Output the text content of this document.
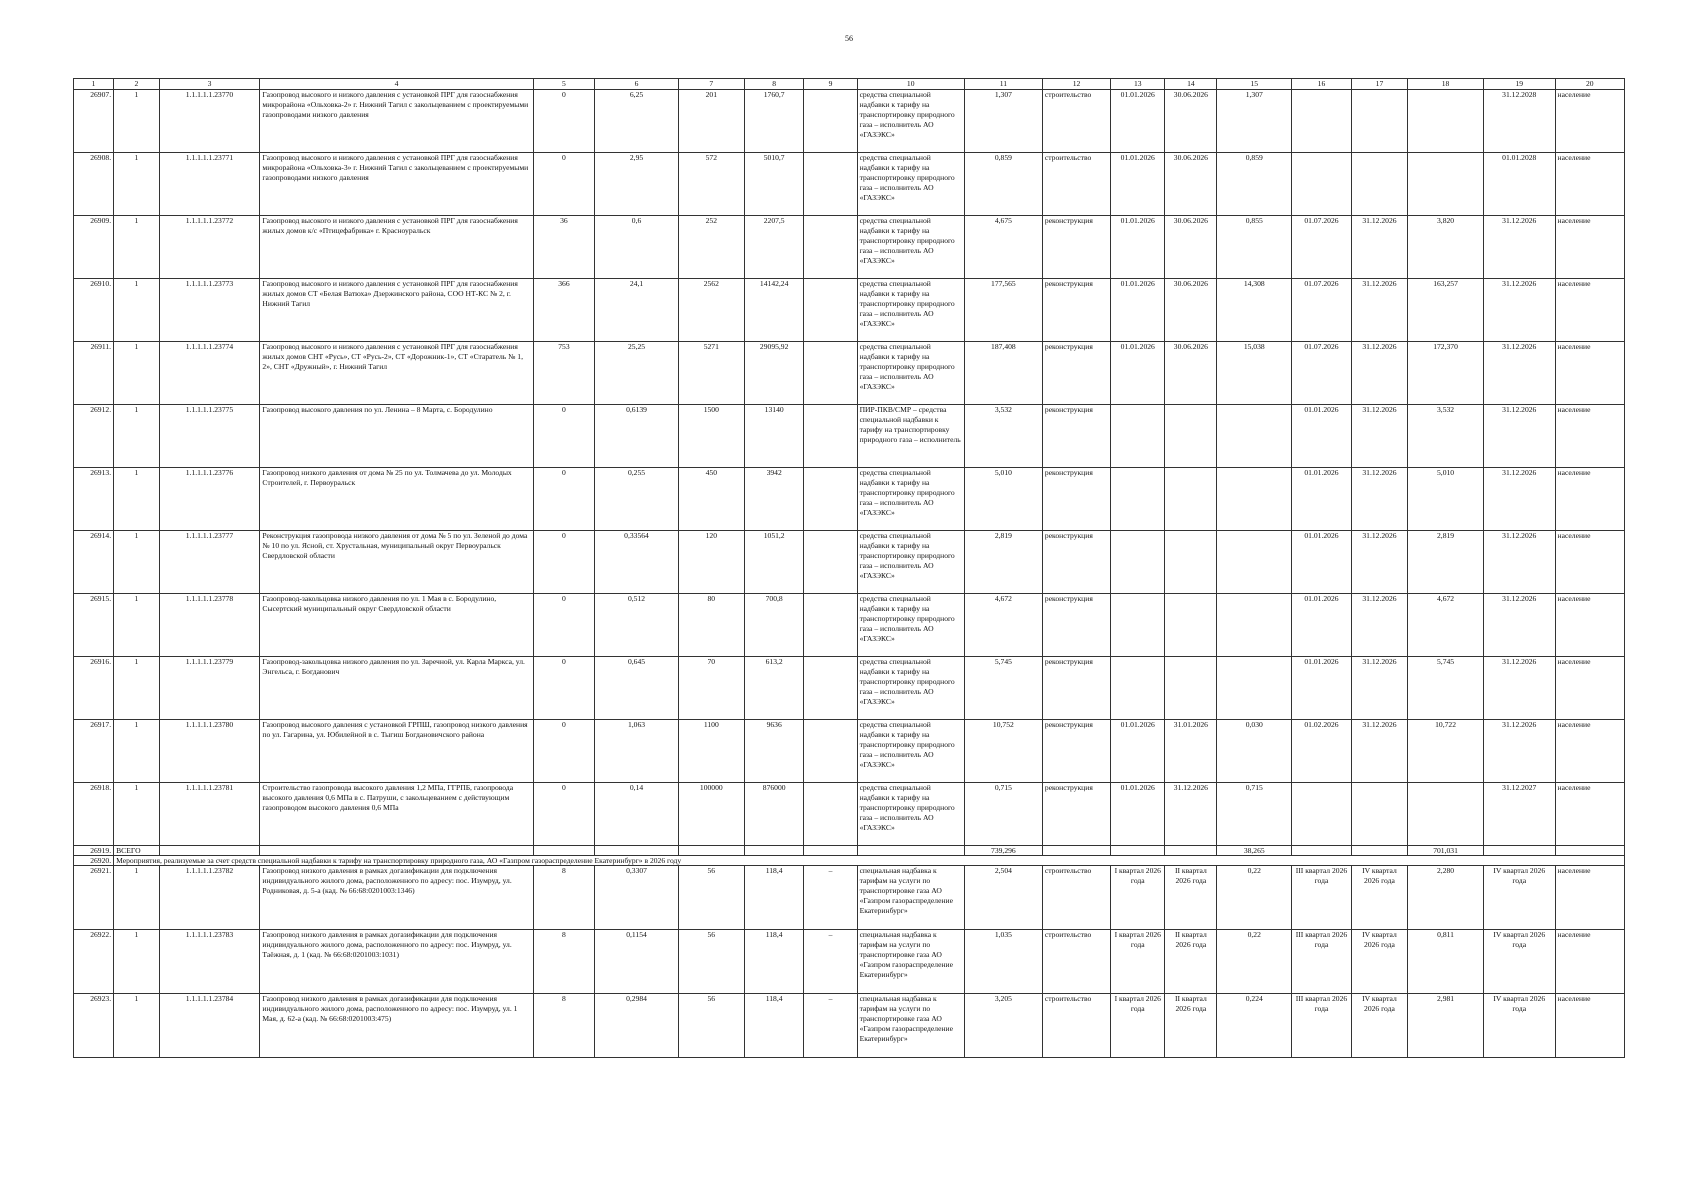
56
1	2	3	4	5	6	7	8	9	10	11	12	13	14	15	16	17	18	19	20
26907.	1	1.1.1.1.1.23770	Газопровод высокого и низкого давления с установкой ПРГ для газоснабжения микрорайона «Ольховка-2» г. Нижний Тагил с закольцеванием с проектируемыми газопроводами низкого давления	0	6,25	201	1760,7		средства специальной надбавки к тарифу на транспортировку природного газа – исполнитель АО «ГАЗЭКС»	1,307	строительство	01.01.2026	30.06.2026	1,307				31.12.2028	население
26908.	1	1.1.1.1.1.23771	Газопровод высокого и низкого давления с установкой ПРГ для газоснабжения микрорайона «Ольховка-3» г. Нижний Тагил с закольцеванием с проектируемыми газопроводами низкого давления	0	2,95	572	5010,7		средства специальной надбавки к тарифу на транспортировку природного газа – исполнитель АО «ГАЗЭКС»	0,859	строительство	01.01.2026	30.06.2026	0,859				01.01.2028	население
26909.	1	1.1.1.1.1.23772	Газопровод высокого и низкого давления с установкой ПРГ для газоснабжения жилых домов к/с «Птицефабрика» г. Красноуральск	36	0,6	252	2207,5		средства специальной надбавки к тарифу на транспортировку природного газа – исполнитель АО «ГАЗЭКС»	4,675	реконструкция	01.01.2026	30.06.2026	0,855	01.07.2026	31.12.2026	3,820	31.12.2026	население
26910.	1	1.1.1.1.1.23773	Газопровод высокого и низкого давления с установкой ПРГ для газоснабжения жилых домов СТ «Белая Ватюха» Дзержинского района, СОО НТ-КС № 2, г. Нижний Тагил	366	24,1	2562	14142,24		средства специальной надбавки к тарифу на транспортировку природного газа – исполнитель АО «ГАЗЭКС»	177,565	реконструкция	01.01.2026	30.06.2026	14,308	01.07.2026	31.12.2026	163,257	31.12.2026	население
26911.	1	1.1.1.1.1.23774	Газопровод высокого и низкого давления с установкой ПРГ для газоснабжения жилых домов СНТ «Русь», СТ «Русь-2», СТ «Дорожник-1», СТ «Старатель № 1, 2», СНТ «Дружный», г. Нижний Тагил	753	25,25	5271	29095,92		средства специальной надбавки к тарифу на транспортировку природного газа – исполнитель АО «ГАЗЭКС»	187,408	реконструкция	01.01.2026	30.06.2026	15,038	01.07.2026	31.12.2026	172,370	31.12.2026	население
26912.	1	1.1.1.1.1.23775	Газопровод высокого давления по ул. Ленина – 8 Марта, с. Бородулино	0	0,6139	1500	13140		ПИР-ПКВ/СМР – средства специальной надбавки к тарифу на транспортировку природного газа – исполнитель	3,532	реконструкция				01.01.2026	31.12.2026	3,532	31.12.2026	население
26913.	1	1.1.1.1.1.23776	Газопровод низкого давления от дома № 25 по ул. Толмачева до ул. Молодых Строителей, г. Первоуральск	0	0,255	450	3942		средства специальной надбавки к тарифу на транспортировку природного газа – исполнитель АО «ГАЗЭКС»	5,010	реконструкция				01.01.2026	31.12.2026	5,010	31.12.2026	население
26914.	1	1.1.1.1.1.23777	Реконструкция газопровода низкого давления от дома № 5 по ул. Зеленой до дома № 10 по ул. Ясной, ст. Хрустальная, муниципальный округ Первоуральск Свердловской области	0	0,33564	120	1051,2		средства специальной надбавки к тарифу на транспортировку природного газа – исполнитель АО «ГАЗЭКС»	2,819	реконструкция				01.01.2026	31.12.2026	2,819	31.12.2026	население
26915.	1	1.1.1.1.1.23778	Газопровод-закольцовка низкого давления по ул. 1 Мая в с. Бородулино, Сысертский муниципальный округ Свердловской области	0	0,512	80	700,8		средства специальной надбавки к тарифу на транспортировку природного газа – исполнитель АО «ГАЗЭКС»	4,672	реконструкция				01.01.2026	31.12.2026	4,672	31.12.2026	население
26916.	1	1.1.1.1.1.23779	Газопровод-закольцовка низкого давления по ул. Заречной, ул. Карла Маркса, ул. Энгельса, г. Богданович	0	0,645	70	613,2		средства специальной надбавки к тарифу на транспортировку природного газа – исполнитель АО «ГАЗЭКС»	5,745	реконструкция				01.01.2026	31.12.2026	5,745	31.12.2026	население
26917.	1	1.1.1.1.1.23780	Газопровод высокого давления с установкой ГРПШ, газопровод низкого давления по ул. Гагарина, ул. Юбилейной в с. Тыгиш Богдановичского района	0	1,063	1100	9636		средства специальной надбавки к тарифу на транспортировку природного газа – исполнитель АО «ГАЗЭКС»	10,752	реконструкция	01.01.2026	31.01.2026	0,030	01.02.2026	31.12.2026	10,722	31.12.2026	население
26918.	1	1.1.1.1.1.23781	Строительство газопровода высокого давления 1,2 МПа, ГГРПБ, газопровода высокого давления 0,6 МПа в с. Патруши, с закольцеванием с действующим газопроводом высокого давления 0,6 МПа	0	0,14	100000	876000		средства специальной надбавки к тарифу на транспортировку природного газа – исполнитель АО «ГАЗЭКС»	0,715	реконструкция	01.01.2026	31.12.2026	0,715				31.12.2027	население
26919.	ВСЕГО									739,296				38,265			701,031		
26920.	Мероприятия, реализуемые за счет средств специальной надбавки к тарифу на транспортировку природного газа, АО «Газпром газораспределение Екатеринбург» в 2026 году																		
26921.	1	1.1.1.1.1.23782	Газопровод низкого давления в рамках догазификации для подключения индивидуального жилого дома, расположенного по адресу: пос. Изумруд, ул. Родниковая, д. 5-а (кад. № 66:68:0201003:1346)	8	0,3307	56	118,4	–	специальная надбавка к тарифам на услуги по транспортировке газа АО «Газпром газораспределение Екатеринбург»	2,504	строительство	I квартал 2026 года	II квартал 2026 года	0,22	III квартал 2026 года	IV квартал 2026 года	2,280	IV квартал 2026 года	население
26922.	1	1.1.1.1.1.23783	Газопровод низкого давления в рамках догазификации для подключения индивидуального жилого дома, расположенного по адресу: пос. Изумруд, ул. Таёжная, д. 1 (кад. № 66:68:0201003:1031)	8	0,1154	56	118,4	–	специальная надбавка к тарифам на услуги по транспортировке газа АО «Газпром газораспределение Екатеринбург»	1,035	строительство	I квартал 2026 года	II квартал 2026 года	0,22	III квартал 2026 года	IV квартал 2026 года	0,811	IV квартал 2026 года	население
26923.	1	1.1.1.1.1.23784	Газопровод низкого давления в рамках догазификации для подключения индивидуального жилого дома, расположенного по адресу: пос. Изумруд, ул. 1 Мая, д. 62-а (кад. № 66:68:0201003:475)	8	0,2984	56	118,4	–	специальная надбавка к тарифам на услуги по транспортировке газа АО «Газпром газораспределение Екатеринбург»	3,205	строительство	I квартал 2026 года	II квартал 2026 года	0,224	III квартал 2026 года	IV квартал 2026 года	2,981	IV квартал 2026 года	население
